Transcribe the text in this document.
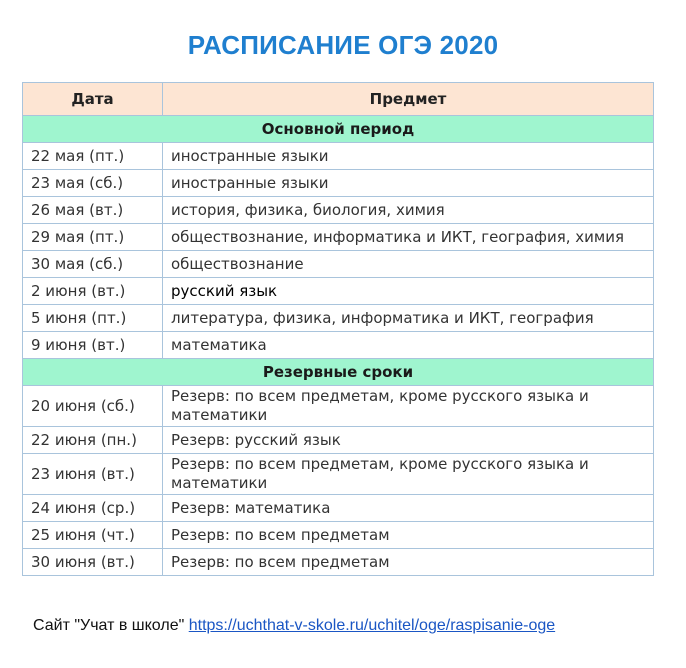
РАСПИСАНИЕ ОГЭ 2020
Дата	Предмет
Основной период	
22 мая (пт.)	иностранные языки
23 мая (сб.)	иностранные языки
26 мая (вт.)	история, физика, биология, химия
29 мая (пт.)	обществознание, информатика и ИКТ, география, химия
30 мая (сб.)	обществознание
2 июня (вт.)	русский язык
5 июня (пт.)	литература, физика, информатика и ИКТ, география
9 июня (вт.)	математика
Резервные сроки	
20 июня (сб.)	Резерв: по всем предметам, кроме русского языка и математики
22 июня (пн.)	Резерв: русский язык
23 июня (вт.)	Резерв: по всем предметам, кроме русского языка и математики
24 июня (ср.)	Резерв: математика
25 июня (чт.)	Резерв: по всем предметам
30 июня (вт.)	Резерв: по всем предметам
Сайт "Учат в школе" https://uchthat-v-skole.ru/uchitel/oge/raspisanie-oge
